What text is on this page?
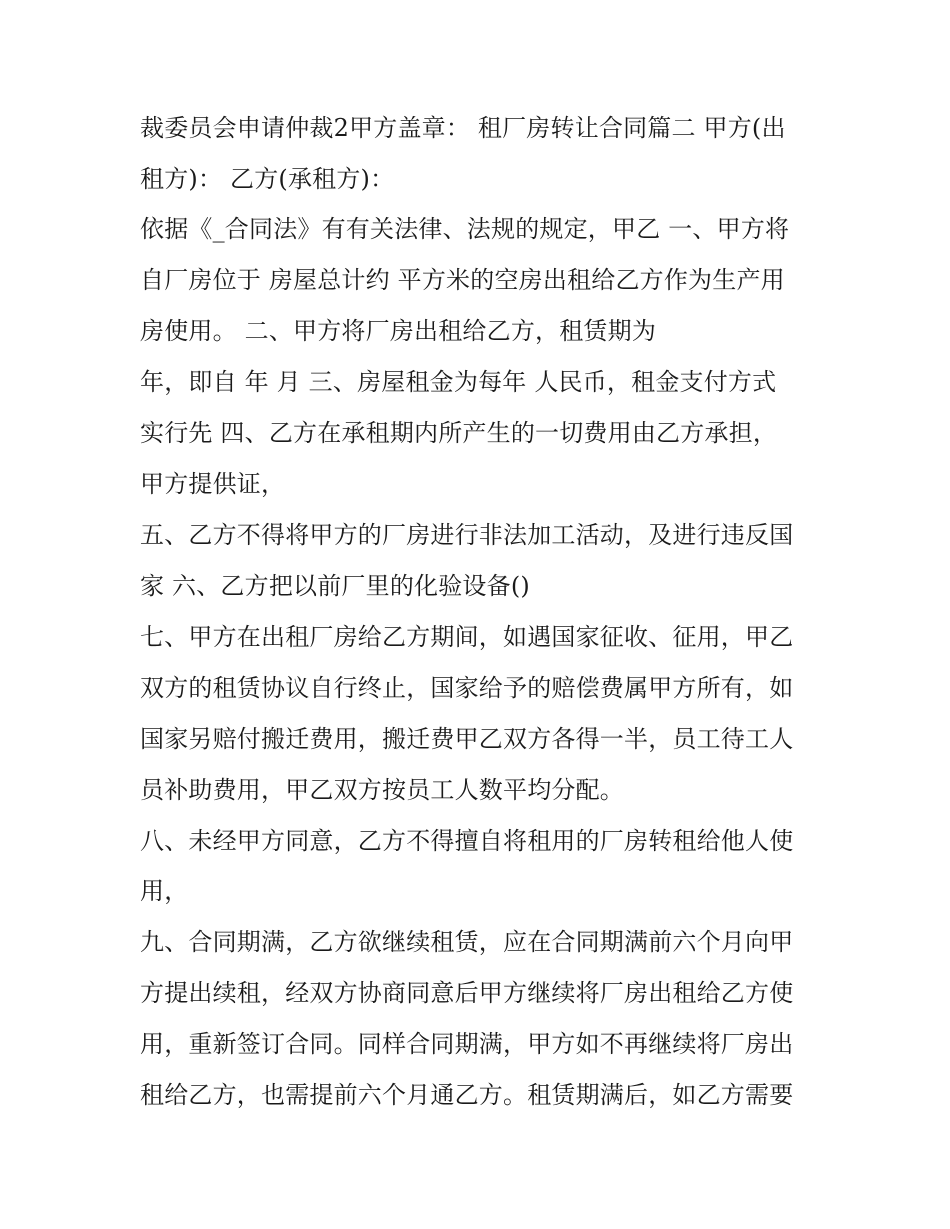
裁委员会申请仲裁2甲方盖章： 租厂房转让合同篇二 甲方(出
租方)： 乙方(承租方)：
依据《_合同法》有有关法律、法规的规定，甲乙 一、甲方将
自厂房位于 房屋总计约 平方米的空房出租给乙方作为生产用
房使用。 二、甲方将厂房出租给乙方，租赁期为
年，即自 年 月 三、房屋租金为每年 人民币，租金支付方式
实行先 四、乙方在承租期内所产生的一切费用由乙方承担，
甲方提供证，
五、乙方不得将甲方的厂房进行非法加工活动，及进行违反国
家 六、乙方把以前厂里的化验设备()
七、甲方在出租厂房给乙方期间，如遇国家征收、征用，甲乙
双方的租赁协议自行终止，国家给予的赔偿费属甲方所有，如
国家另赔付搬迁费用，搬迁费甲乙双方各得一半，员工待工人
员补助费用，甲乙双方按员工人数平均分配。
八、未经甲方同意，乙方不得擅自将租用的厂房转租给他人使
用，
九、合同期满，乙方欲继续租赁，应在合同期满前六个月向甲
方提出续租，经双方协商同意后甲方继续将厂房出租给乙方使
用，重新签订合同。同样合同期满，甲方如不再继续将厂房出
租给乙方，也需提前六个月通乙方。租赁期满后，如乙方需要
